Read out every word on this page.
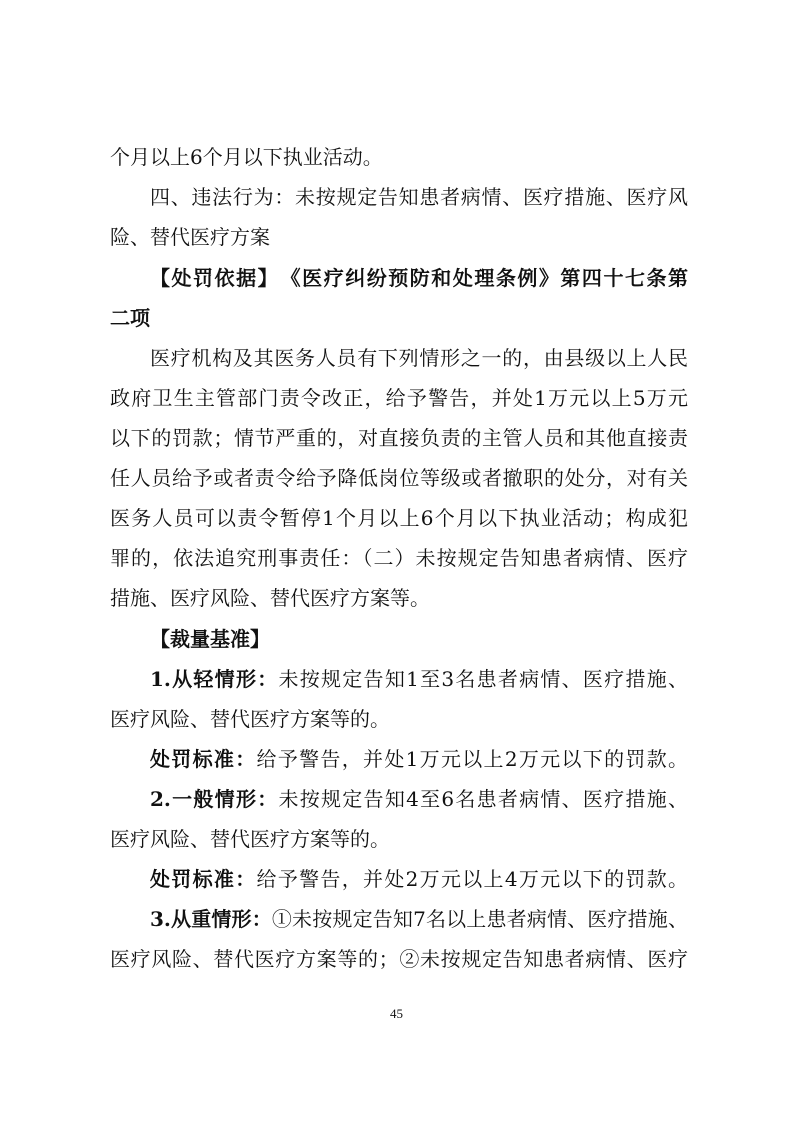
个月以上6个月以下执业活动。
四、违法行为：未按规定告知患者病情、医疗措施、医疗风
险、替代医疗方案
【处罚依据】　 《医疗纠纷预防和处理条例》第四十七条第
二项
医疗机构及其医务人员有下列情形之一的，由县级以上人民
政府卫生主管部门责令改正，给予警告，并处1万元以上5万元
以下的罚款；情节严重的，对直接负责的主管人员和其他直接责
任人员给予或者责令给予降低岗位等级或者撤职的处分，对有关
医务人员可以责令暂停1个月以上6个月以下执业活动；构成犯
罪的，依法追究刑事责任：（二）未按规定告知患者病情、医疗
措施、医疗风险、替代医疗方案等。
【裁量基准】
1.从轻情形：未按规定告知1至3名患者病情、医疗措施、
医疗风险、替代医疗方案等的。
处罚标准：给予警告，并处1万元以上2万元以下的罚款。
2.一般情形：未按规定告知4至6名患者病情、医疗措施、
医疗风险、替代医疗方案等的。
处罚标准：给予警告，并处2万元以上4万元以下的罚款。
3.从重情形：①未按规定告知7名以上患者病情、医疗措施、
医疗风险、替代医疗方案等的；②未按规定告知患者病情、医疗
45
